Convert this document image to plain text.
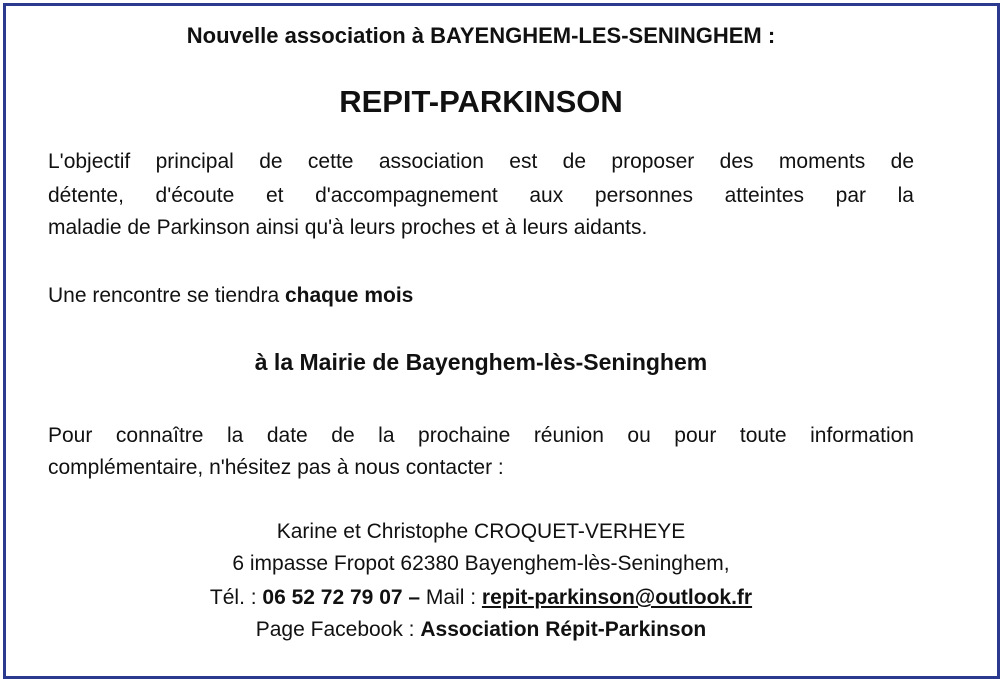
Nouvelle association à BAYENGHEM-LES-SENINGHEM :
REPIT-PARKINSON
L'objectif principal de cette association est de proposer des moments de
détente, d'écoute et d'accompagnement aux personnes atteintes par la
maladie de Parkinson ainsi qu'à leurs proches et à leurs aidants.
Une rencontre se tiendra chaque mois
à la Mairie de Bayenghem-lès-Seninghem
Pour connaître la date de la prochaine réunion ou pour toute information
complémentaire, n'hésitez pas à nous contacter :
Karine et Christophe CROQUET-VERHEYE
6 impasse Fropot 62380 Bayenghem-lès-Seninghem,
Tél. : 06 52 72 79 07 – Mail : repit-parkinson@outlook.fr
Page Facebook : Association Répit-Parkinson
